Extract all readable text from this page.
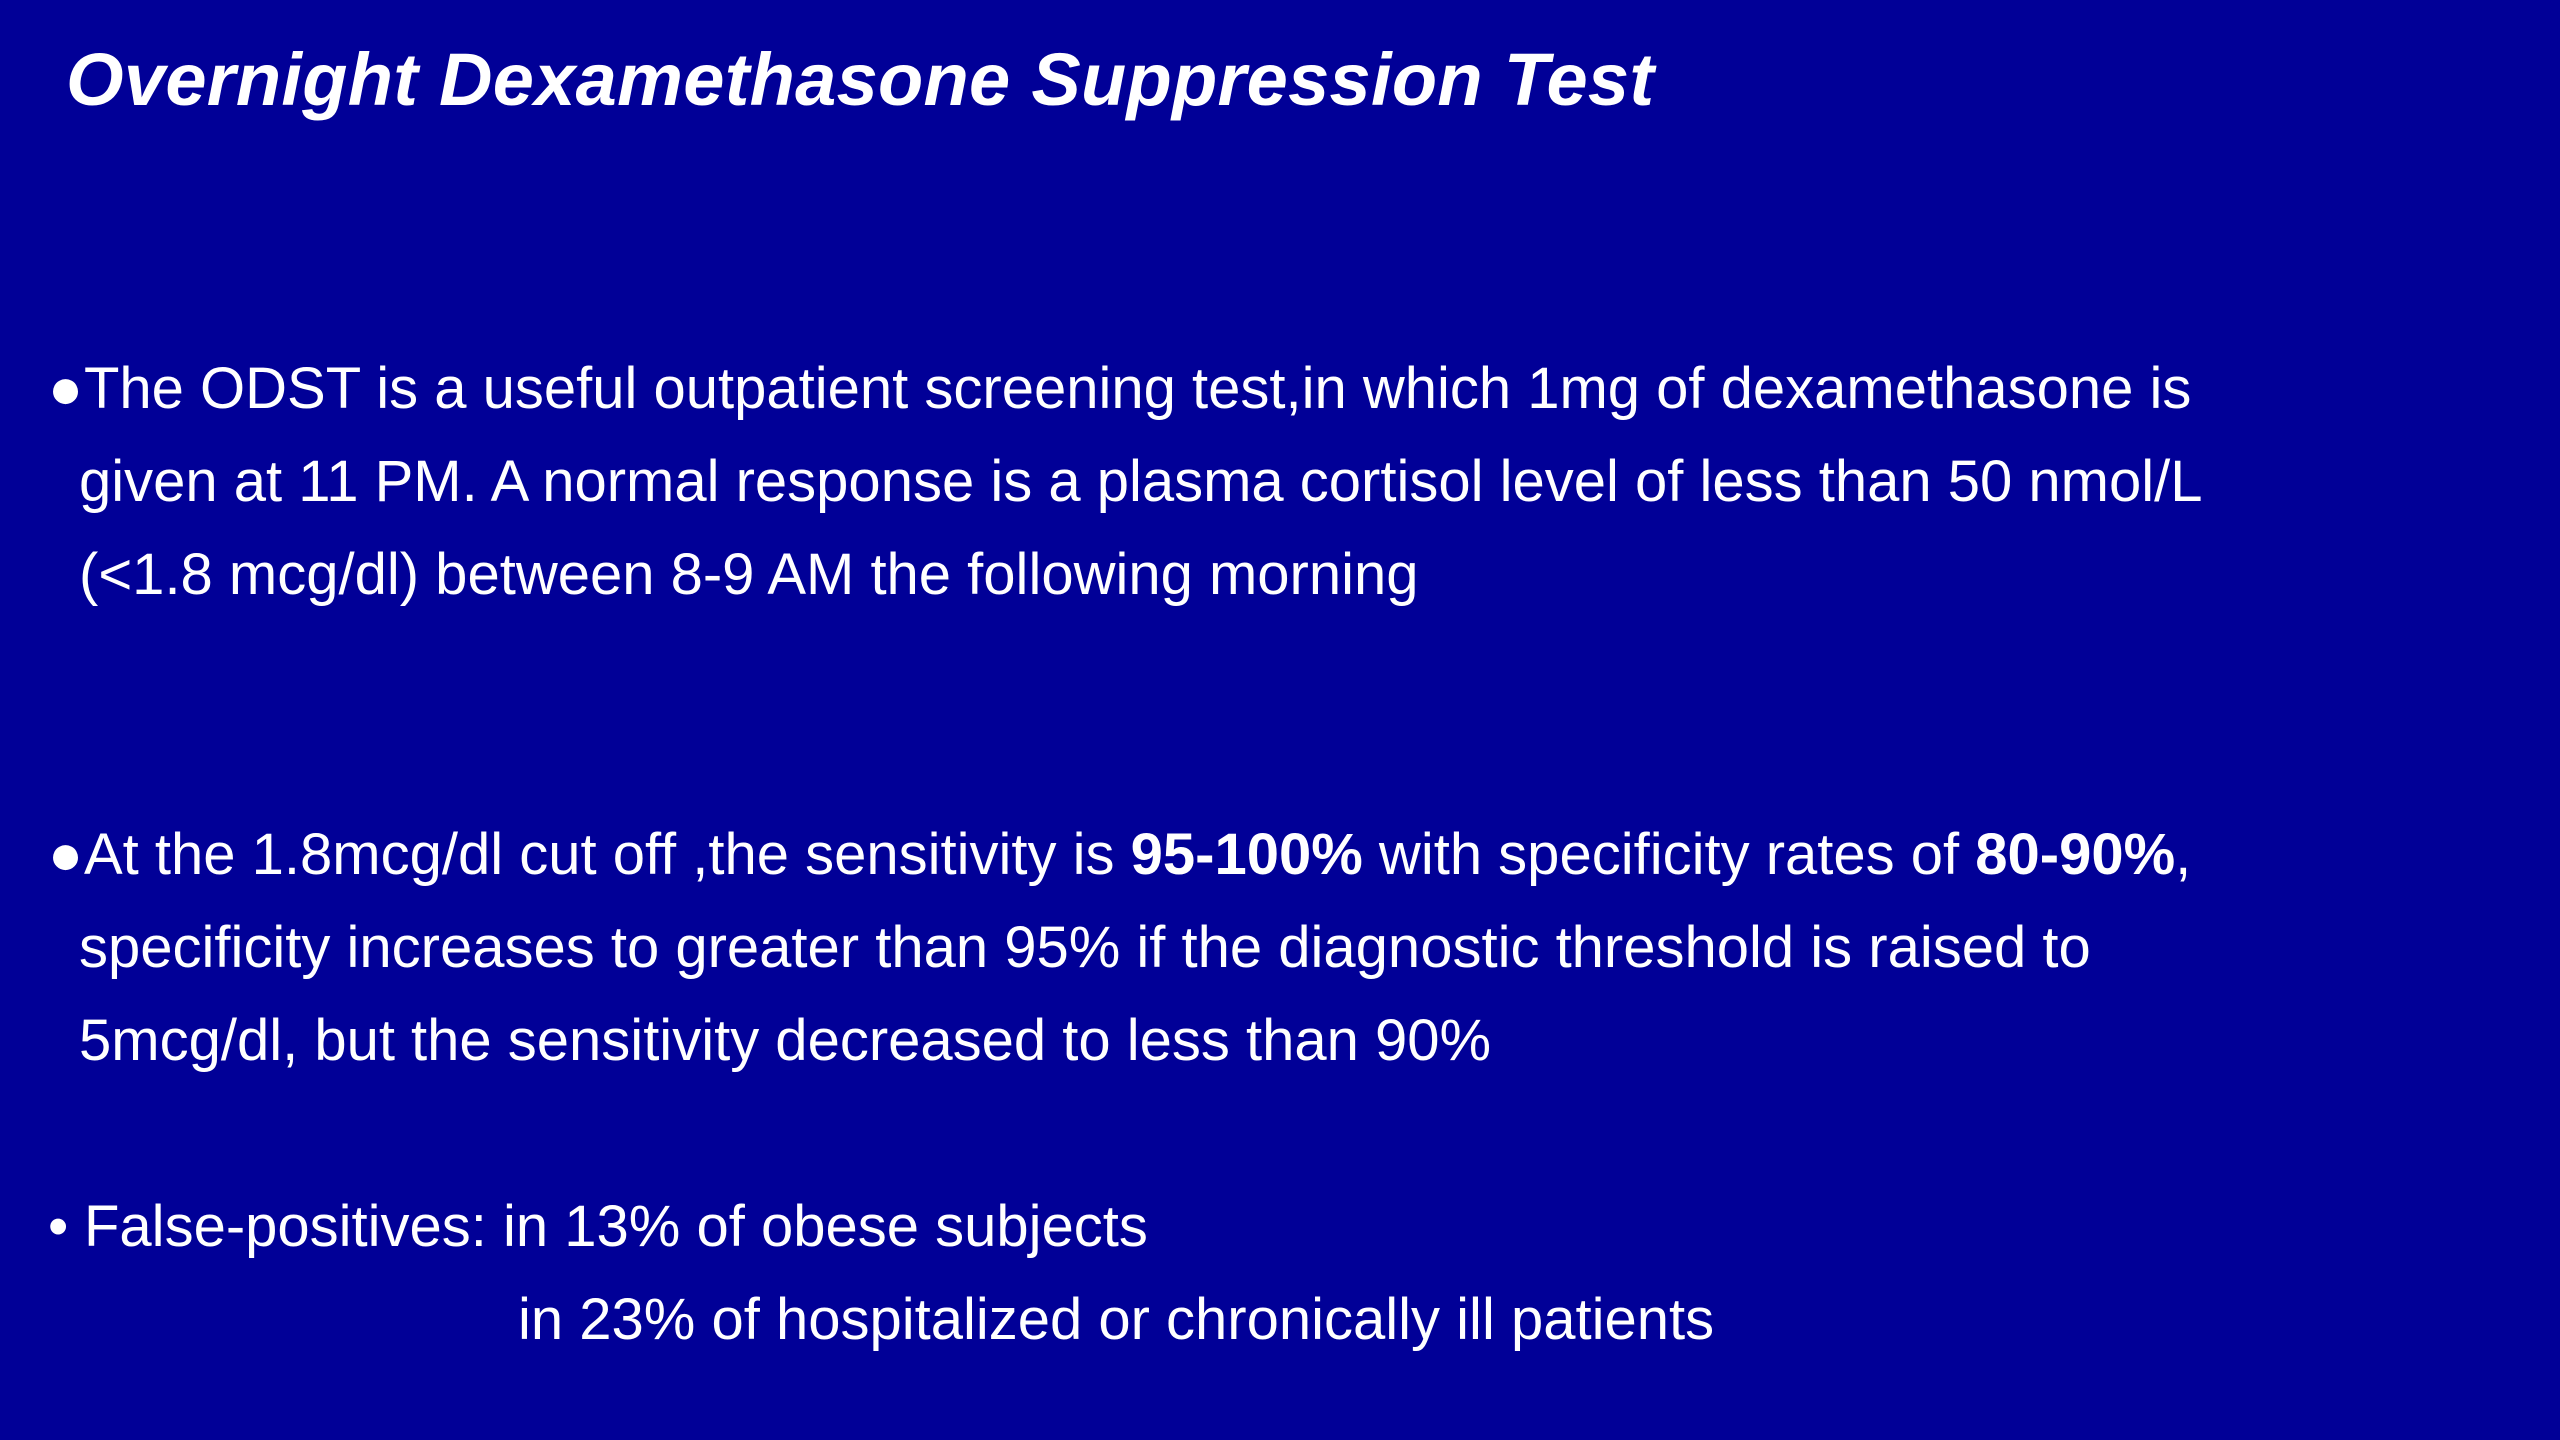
Overnight Dexamethasone Suppression Test
●The ODST is a useful outpatient screening test,in which 1mg of dexamethasone is
given at 11 PM. A normal response is a plasma cortisol level of less than 50 nmol/L
(<1.8 mcg/dl) between 8-9 AM the following morning
●At the 1.8mcg/dl cut off ,the sensitivity is 95-100% with specificity rates of 80-90%,
specificity increases to greater than 95% if the diagnostic threshold is raised to
5mcg/dl, but the sensitivity decreased to less than 90%
• False-positives: in 13% of obese subjects
in 23% of hospitalized or chronically ill patients
